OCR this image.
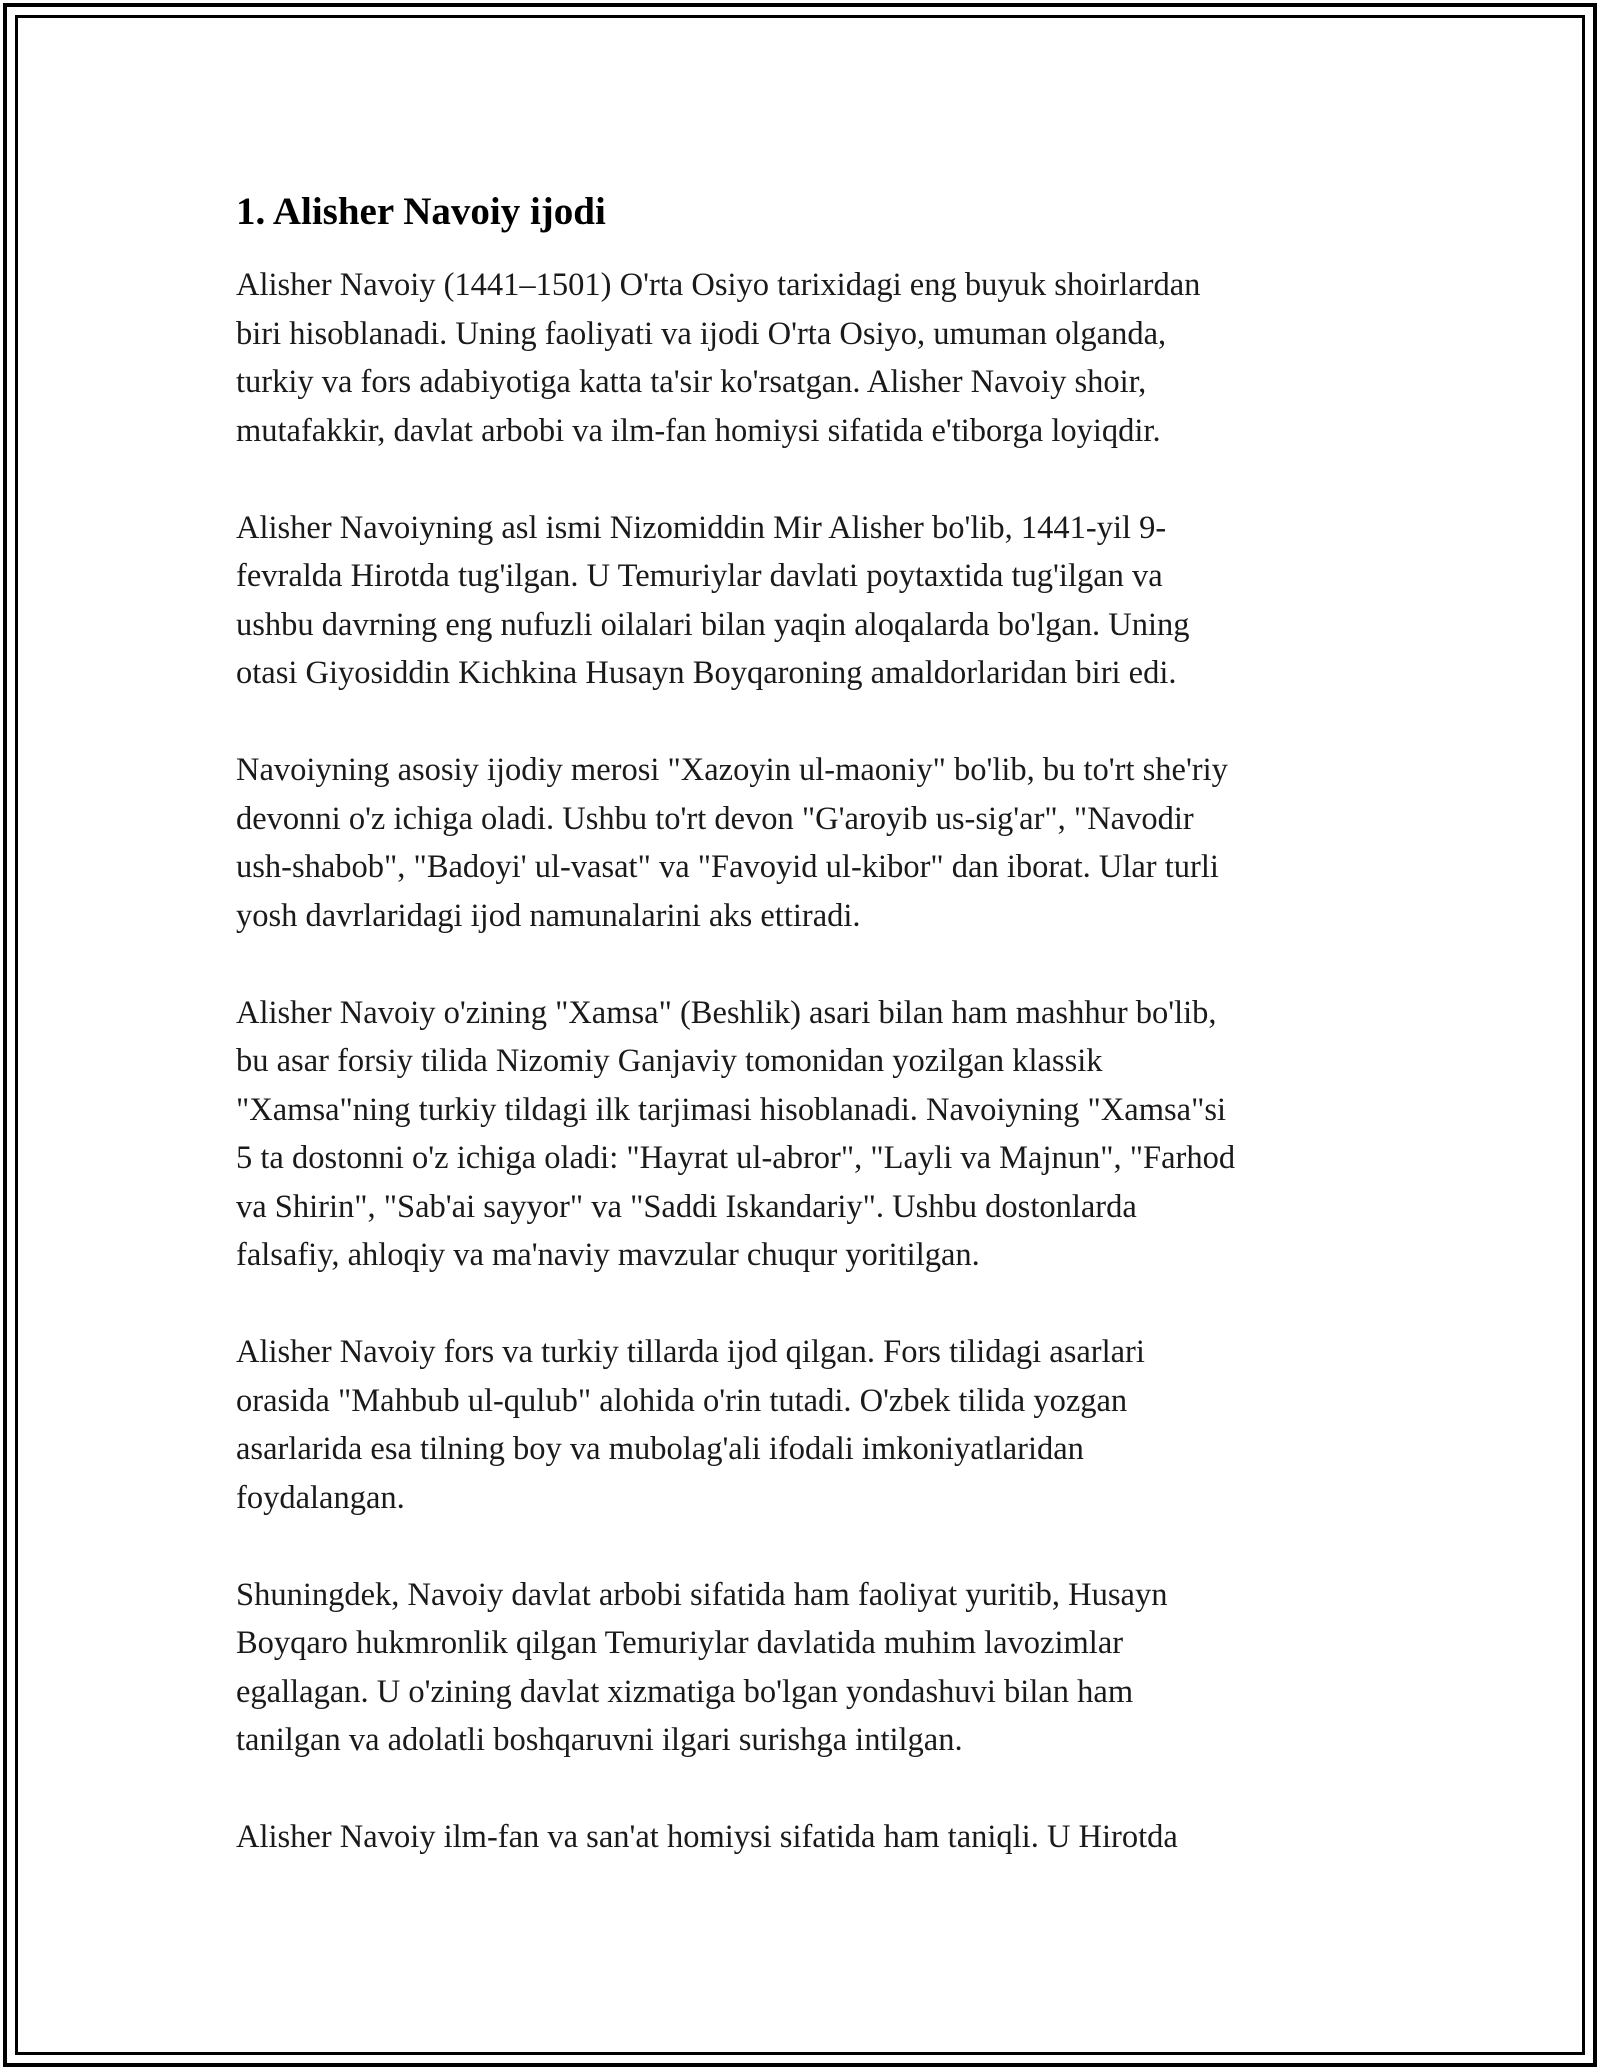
1. Alisher Navoiy ijodi

Alisher Navoiy (1441–1501) O'rta Osiyo tarixidagi eng buyuk shoirlardan
biri hisoblanadi. Uning faoliyati va ijodi O'rta Osiyo, umuman olganda,
turkiy va fors adabiyotiga katta ta'sir ko'rsatgan. Alisher Navoiy shoir,
mutafakkir, davlat arbobi va ilm-fan homiysi sifatida e'tiborga loyiqdir.

Alisher Navoiyning asl ismi Nizomiddin Mir Alisher bo'lib, 1441-yil 9-
fevralda Hirotda tug'ilgan. U Temuriylar davlati poytaxtida tug'ilgan va
ushbu davrning eng nufuzli oilalari bilan yaqin aloqalarda bo'lgan. Uning
otasi Giyosiddin Kichkina Husayn Boyqaroning amaldorlaridan biri edi.

Navoiyning asosiy ijodiy merosi "Xazoyin ul-maoniy" bo'lib, bu to'rt she'riy
devonni o'z ichiga oladi. Ushbu to'rt devon "G'aroyib us-sig'ar", "Navodir
ush-shabob", "Badoyi' ul-vasat" va "Favoyid ul-kibor" dan iborat. Ular turli
yosh davrlaridagi ijod namunalarini aks ettiradi.

Alisher Navoiy o'zining "Xamsa" (Beshlik) asari bilan ham mashhur bo'lib,
bu asar forsiy tilida Nizomiy Ganjaviy tomonidan yozilgan klassik
"Xamsa"ning turkiy tildagi ilk tarjimasi hisoblanadi. Navoiyning "Xamsa"si
5 ta dostonni o'z ichiga oladi: "Hayrat ul-abror", "Layli va Majnun", "Farhod
va Shirin", "Sab'ai sayyor" va "Saddi Iskandariy". Ushbu dostonlarda
falsafiy, ahloqiy va ma'naviy mavzular chuqur yoritilgan.

Alisher Navoiy fors va turkiy tillarda ijod qilgan. Fors tilidagi asarlari
orasida "Mahbub ul-qulub" alohida o'rin tutadi. O'zbek tilida yozgan
asarlarida esa tilning boy va mubolag'ali ifodali imkoniyatlaridan
foydalangan.

Shuningdek, Navoiy davlat arbobi sifatida ham faoliyat yuritib, Husayn
Boyqaro hukmronlik qilgan Temuriylar davlatida muhim lavozimlar
egallagan. U o'zining davlat xizmatiga bo'lgan yondashuvi bilan ham
tanilgan va adolatli boshqaruvni ilgari surishga intilgan.

Alisher Navoiy ilm-fan va san'at homiysi sifatida ham taniqli. U Hirotda
